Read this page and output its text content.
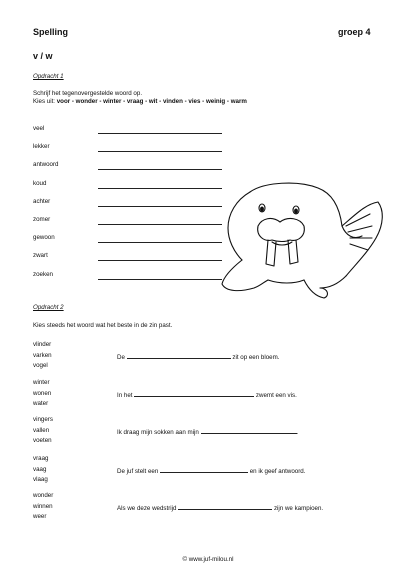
Spelling	groep 4
v / w
Opdracht 1
Schrijf het tegenovergestelde woord op.
Kies uit: voor - wonder - winter - vraag - wit - vinden - vies - weinig - warm
veel
lekker
antwoord
koud
achter
zomer
gewoon
zwart
zoeken
Opdracht 2
Kies steeds het woord wat het beste in de zin past.
vlinder
varken
vogel
De	zit op een bloem.
winter
wonen
water
In het	zwemt een vis.
vingers
vallen
voeten
Ik draag mijn sokken aan mijn	.
vraag
vaag
vlaag
De juf stelt een	en ik geef antwoord.
wonder
winnen
weer
Als we deze wedstrijd	zijn we kampioen.
© www.juf-milou.nl
